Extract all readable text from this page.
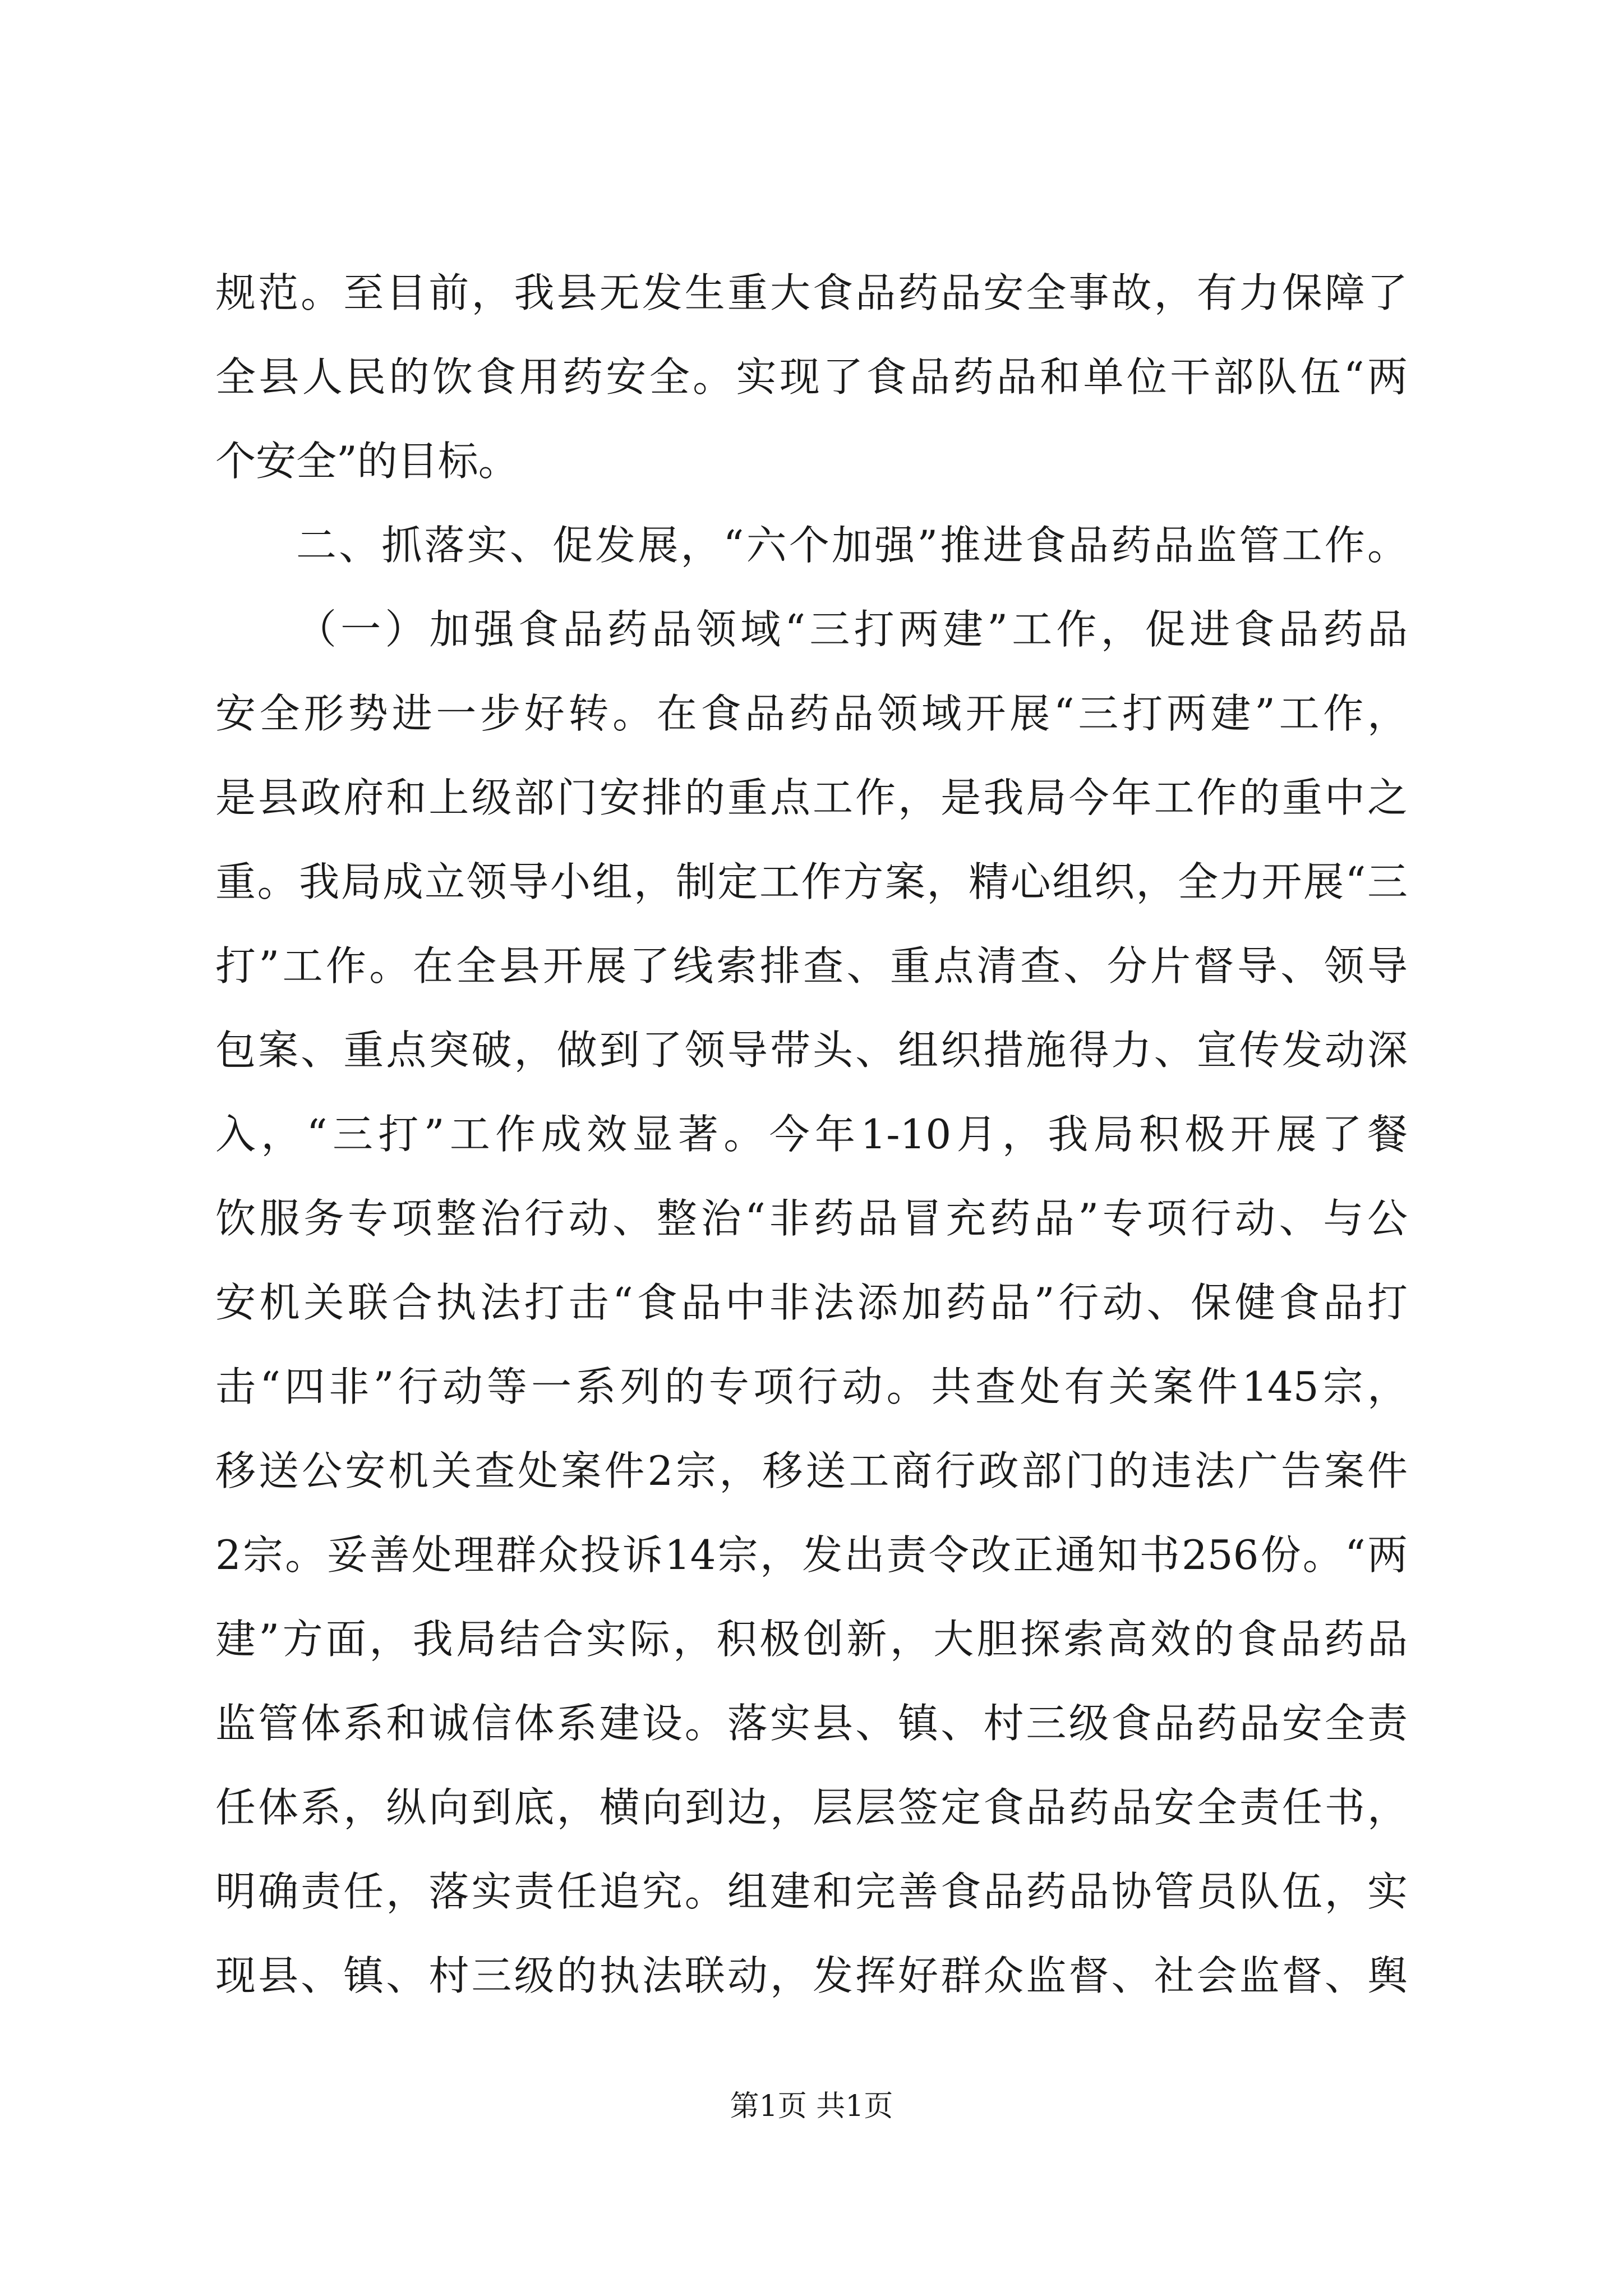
规范。至目前，我县无发生重大食品药品安全事故，有力保障了

全县人民的饮食用药安全。实现了食品药品和单位干部队伍“两

个安全”的目标。

二、抓落实、促发展，“六个加强”推进食品药品监管工作。

（一）加强食品药品领域“三打两建”工作，促进食品药品

安全形势进一步好转。在食品药品领域开展“三打两建”工作，

是县政府和上级部门安排的重点工作，是我局今年工作的重中之

重。我局成立领导小组，制定工作方案，精心组织，全力开展“三

打”工作。在全县开展了线索排查、重点清查、分片督导、领导

包案、重点突破，做到了领导带头、组织措施得力、宣传发动深

入，“三打”工作成效显著。今年1-10月，我局积极开展了餐

饮服务专项整治行动、整治“非药品冒充药品”专项行动、与公

安机关联合执法打击“食品中非法添加药品”行动、保健食品打

击“四非”行动等一系列的专项行动。共查处有关案件145宗，

移送公安机关查处案件2宗，移送工商行政部门的违法广告案件

2宗。妥善处理群众投诉14宗，发出责令改正通知书256份。“两

建”方面，我局结合实际，积极创新，大胆探索高效的食品药品

监管体系和诚信体系建设。落实县、镇、村三级食品药品安全责

任体系，纵向到底，横向到边，层层签定食品药品安全责任书，

明确责任，落实责任追究。组建和完善食品药品协管员队伍，实

现县、镇、村三级的执法联动，发挥好群众监督、社会监督、舆

第1页 共1页
